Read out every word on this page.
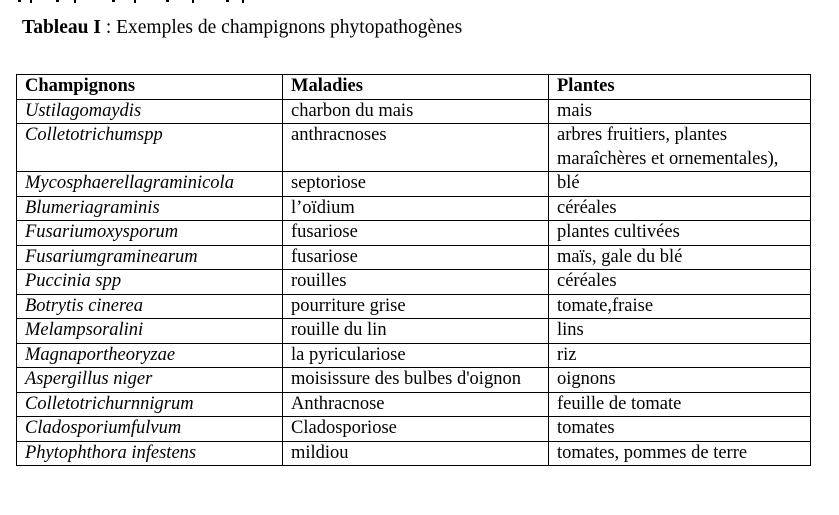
Tableau I : Exemples de champignons phytopathogènes
Champignons	Maladies	Plantes
Ustilagomaydis	charbon du mais	mais
Colletotrichumspp	anthracnoses	arbres fruitiers, plantes maraîchères et ornementales),
Mycosphaerellagraminicola	septoriose	blé
Blumeriagraminis	l’oïdium	céréales
Fusariumoxysporum	fusariose	plantes cultivées
Fusariumgraminearum	fusariose	maïs, gale du blé
Puccinia spp	rouilles	céréales
Botrytis cinerea	pourriture grise	tomate,fraise
Melampsoralini	rouille du lin	lins
Magnaportheoryzae	la pyriculariose	riz
Aspergillus niger	moisissure des bulbes d'oignon	oignons
Colletotrichurnnigrum	Anthracnose	feuille de tomate
Cladosporiumfulvum	Cladosporiose	tomates
Phytophthora infestens	mildiou	tomates, pommes de terre
